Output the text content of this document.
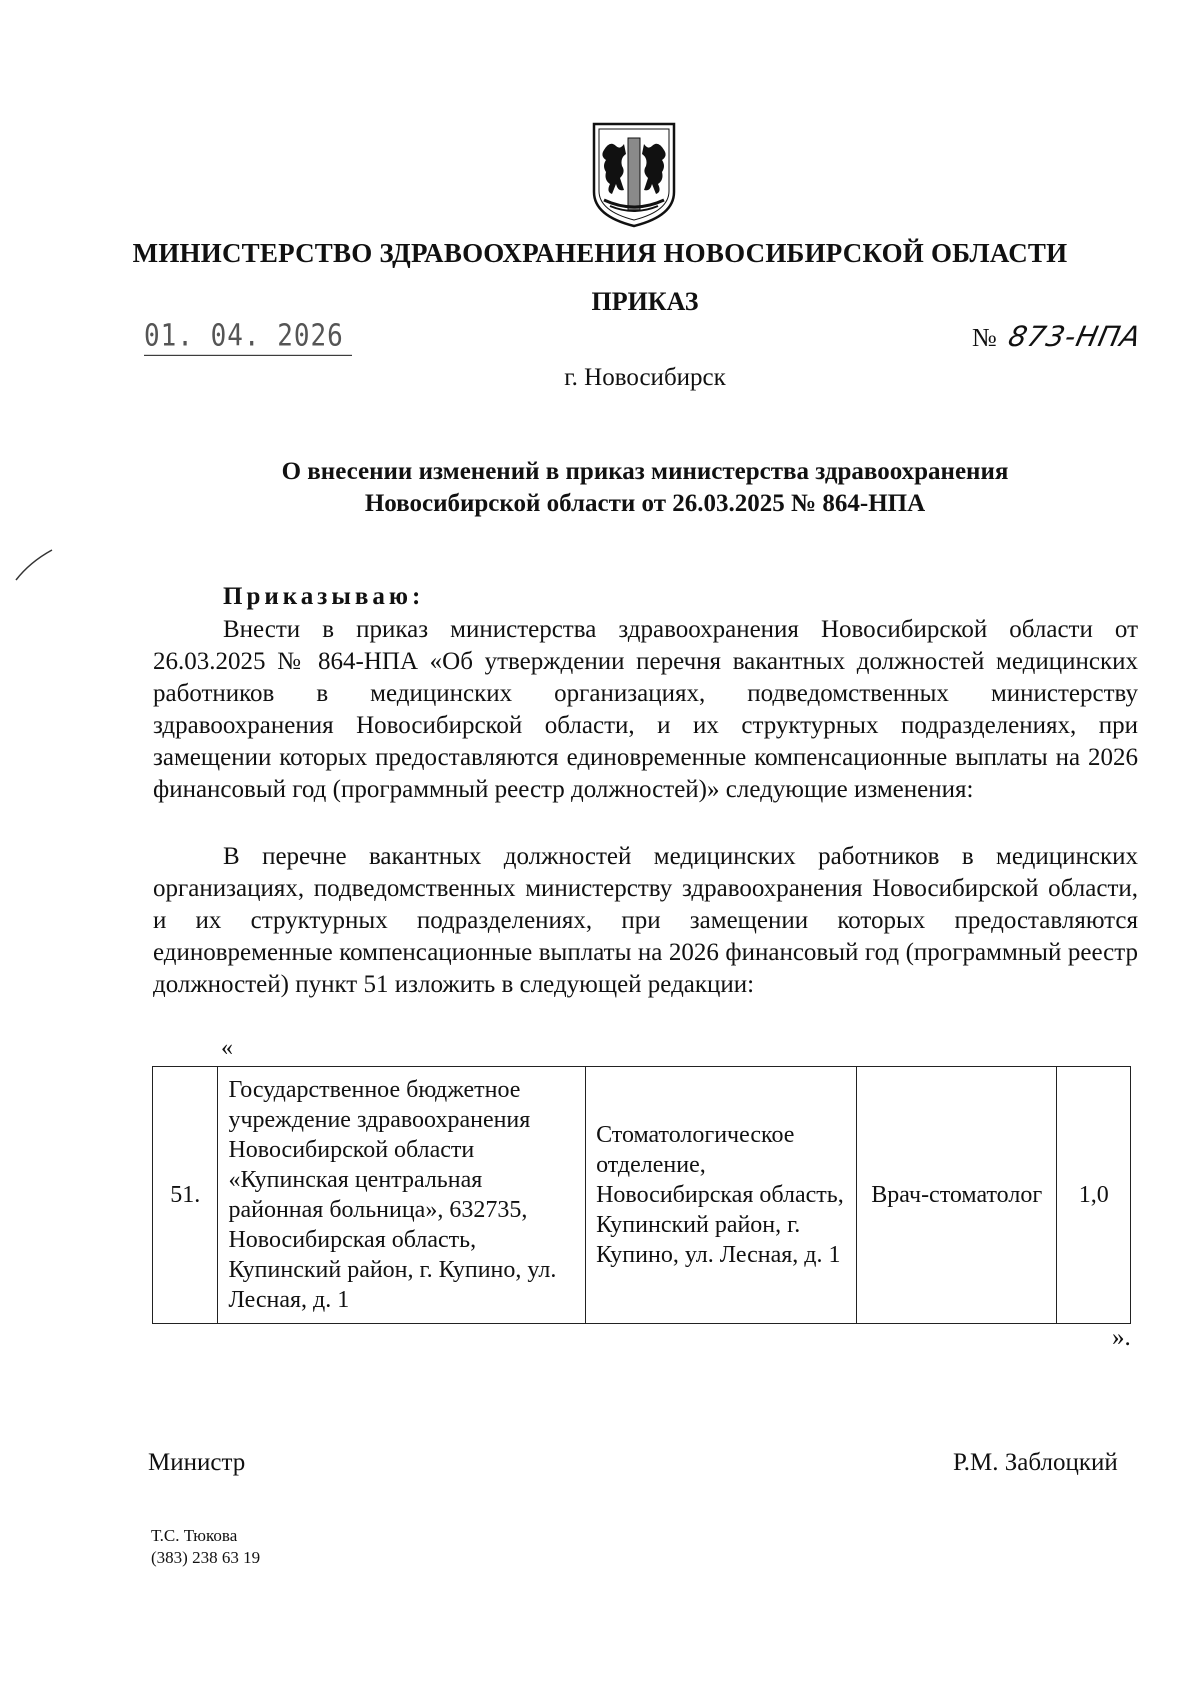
МИНИСТЕРСТВО ЗДРАВООХРАНЕНИЯ НОВОСИБИРСКОЙ ОБЛАСТИ
ПРИКАЗ
01. 04. 2026	№ 873-НПА
г. Новосибирск
О внесении изменений в приказ министерства здравоохранения
Новосибирской области от 26.03.2025 № 864-НПА
Приказываю:

Внести в приказ министерства здравоохранения Новосибирской области от 26.03.2025 № 864-НПА «Об утверждении перечня вакантных должностей медицинских работников в медицинских организациях, подведомственных министерству здравоохранения Новосибирской области, и их структурных подразделениях, при замещении которых предоставляются единовременные компенсационные выплаты на 2026 финансовый год (программный реестр должностей)» следующие изменения:

В перечне вакантных должностей медицинских работников в медицинских организациях, подведомственных министерству здравоохранения Новосибирской области, и их структурных подразделениях, при замещении которых предоставляются единовременные компенсационные выплаты на 2026 финансовый год (программный реестр должностей) пункт 51 изложить в следующей редакции:

«
51.	Государственное бюджетное учреждение здравоохранения Новосибирской области «Купинская центральная районная больница», 632735, Новосибирская область, Купинский район, г. Купино, ул. Лесная, д. 1	Стоматологическое отделение, Новосибирская область, Купинский район, г. Купино, ул. Лесная, д. 1	Врач-стоматолог	1,0
».
Министр	Р.М. Заблоцкий
Т.С. Тюкова
(383) 238 63 19
